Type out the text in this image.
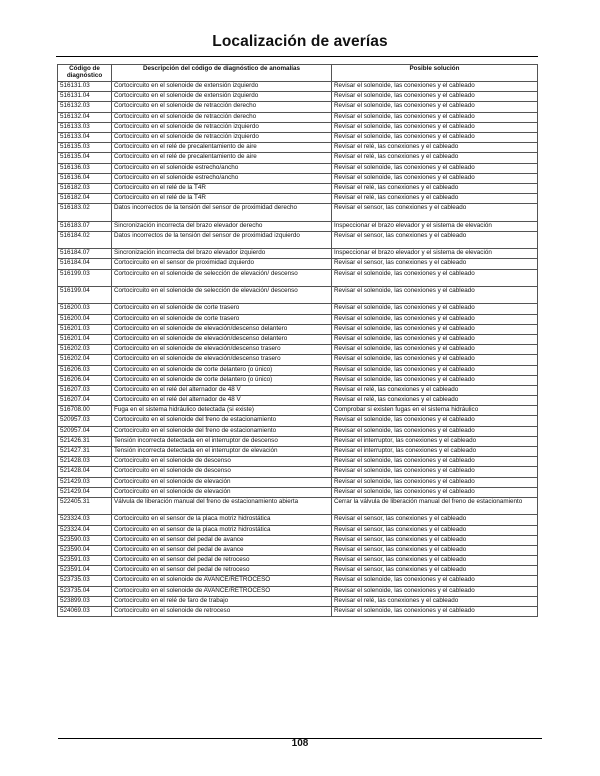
Localización de averías
Código de diagnóstico	Descripción del código de diagnóstico de anomalías	Posible solución
516131.03	Cortocircuito en el solenoide de extensión izquierdo	Revisar el solenoide, las conexiones y el cableado
516131.04	Cortocircuito en el solenoide de extensión izquierdo	Revisar el solenoide, las conexiones y el cableado
516132.03	Cortocircuito en el solenoide de retracción derecho	Revisar el solenoide, las conexiones y el cableado
516132.04	Cortocircuito en el solenoide de retracción derecho	Revisar el solenoide, las conexiones y el cableado
516133.03	Cortocircuito en el solenoide de retracción izquierdo	Revisar el solenoide, las conexiones y el cableado
516133.04	Cortocircuito en el solenoide de retracción izquierdo	Revisar el solenoide, las conexiones y el cableado
516135.03	Cortocircuito en el relé de precalentamiento de aire	Revisar el relé, las conexiones y el cableado
516135.04	Cortocircuito en el relé de precalentamiento de aire	Revisar el relé, las conexiones y el cableado
516136.03	Cortocircuito en el solenoide estrecho/ancho	Revisar el solenoide, las conexiones y el cableado
516136.04	Cortocircuito en el solenoide estrecho/ancho	Revisar el solenoide, las conexiones y el cableado
516182.03	Cortocircuito en el relé de la T4R	Revisar el relé, las conexiones y el cableado
516182.04	Cortocircuito en el relé de la T4R	Revisar el relé, las conexiones y el cableado
516183.02	Datos incorrectos de la tensión del sensor de proximidad derecho	Revisar el sensor, las conexiones y el cableado
516183.07	Sincronización incorrecta del brazo elevador derecho	Inspeccionar el brazo elevador y el sistema de elevación
516184.02	Datos incorrectos de la tensión del sensor de proximidad izquierdo	Revisar el sensor, las conexiones y el cableado
516184.07	Sincronización incorrecta del brazo elevador izquierdo	Inspeccionar el brazo elevador y el sistema de elevación
516184.04	Cortocircuito en el sensor de proximidad izquierdo	Revisar el sensor, las conexiones y el cableado
516199.03	Cortocircuito en el solenoide de selección de elevación/ descenso	Revisar el solenoide, las conexiones y el cableado
516199.04	Cortocircuito en el solenoide de selección de elevación/ descenso	Revisar el solenoide, las conexiones y el cableado
516200.03	Cortocircuito en el solenoide de corte trasero	Revisar el solenoide, las conexiones y el cableado
516200.04	Cortocircuito en el solenoide de corte trasero	Revisar el solenoide, las conexiones y el cableado
516201.03	Cortocircuito en el solenoide de elevación/descenso delantero	Revisar el solenoide, las conexiones y el cableado
516201.04	Cortocircuito en el solenoide de elevación/descenso delantero	Revisar el solenoide, las conexiones y el cableado
516202.03	Cortocircuito en el solenoide de elevación/descenso trasero	Revisar el solenoide, las conexiones y el cableado
516202.04	Cortocircuito en el solenoide de elevación/descenso trasero	Revisar el solenoide, las conexiones y el cableado
516206.03	Cortocircuito en el solenoide de corte delantero (o único)	Revisar el solenoide, las conexiones y el cableado
516206.04	Cortocircuito en el solenoide de corte delantero (o único)	Revisar el solenoide, las conexiones y el cableado
516207.03	Cortocircuito en el relé del alternador de 48 V	Revisar el relé, las conexiones y el cableado
516207.04	Cortocircuito en el relé del alternador de 48 V	Revisar el relé, las conexiones y el cableado
516708.00	Fuga en el sistema hidráulico detectada (si existe)	Comprobar si existen fugas en el sistema hidráulico
520957.03	Cortocircuito en el solenoide del freno de estacionamiento	Revisar el solenoide, las conexiones y el cableado
520957.04	Cortocircuito en el solenoide del freno de estacionamiento	Revisar el solenoide, las conexiones y el cableado
521426.31	Tensión incorrecta detectada en el interruptor de descenso	Revisar el interruptor, las conexiones y el cableado
521427.31	Tensión incorrecta detectada en el interruptor de elevación	Revisar el interruptor, las conexiones y el cableado
521428.03	Cortocircuito en el solenoide de descenso	Revisar el solenoide, las conexiones y el cableado
521428.04	Cortocircuito en el solenoide de descenso	Revisar el solenoide, las conexiones y el cableado
521429.03	Cortocircuito en el solenoide de elevación	Revisar el solenoide, las conexiones y el cableado
521429.04	Cortocircuito en el solenoide de elevación	Revisar el solenoide, las conexiones y el cableado
522405.31	Válvula de liberación manual del freno de estacionamiento abierta	Cerrar la válvula de liberación manual del freno de estacionamiento
523324.03	Cortocircuito en el sensor de la placa motriz hidrostática	Revisar el sensor, las conexiones y el cableado
523324.04	Cortocircuito en el sensor de la placa motriz hidrostática	Revisar el sensor, las conexiones y el cableado
523590.03	Cortocircuito en el sensor del pedal de avance	Revisar el sensor, las conexiones y el cableado
523590.04	Cortocircuito en el sensor del pedal de avance	Revisar el sensor, las conexiones y el cableado
523591.03	Cortocircuito en el sensor del pedal de retroceso	Revisar el sensor, las conexiones y el cableado
523591.04	Cortocircuito en el sensor del pedal de retroceso	Revisar el sensor, las conexiones y el cableado
523735.03	Cortocircuito en el solenoide de AVANCE/RETROCESO	Revisar el solenoide, las conexiones y el cableado
523735.04	Cortocircuito en el solenoide de AVANCE/RETROCESO	Revisar el solenoide, las conexiones y el cableado
523899.03	Cortocircuito en el relé de faro de trabajo	Revisar el relé, las conexiones y el cableado
524069.03	Cortocircuito en el solenoide de retroceso	Revisar el solenoide, las conexiones y el cableado
108
